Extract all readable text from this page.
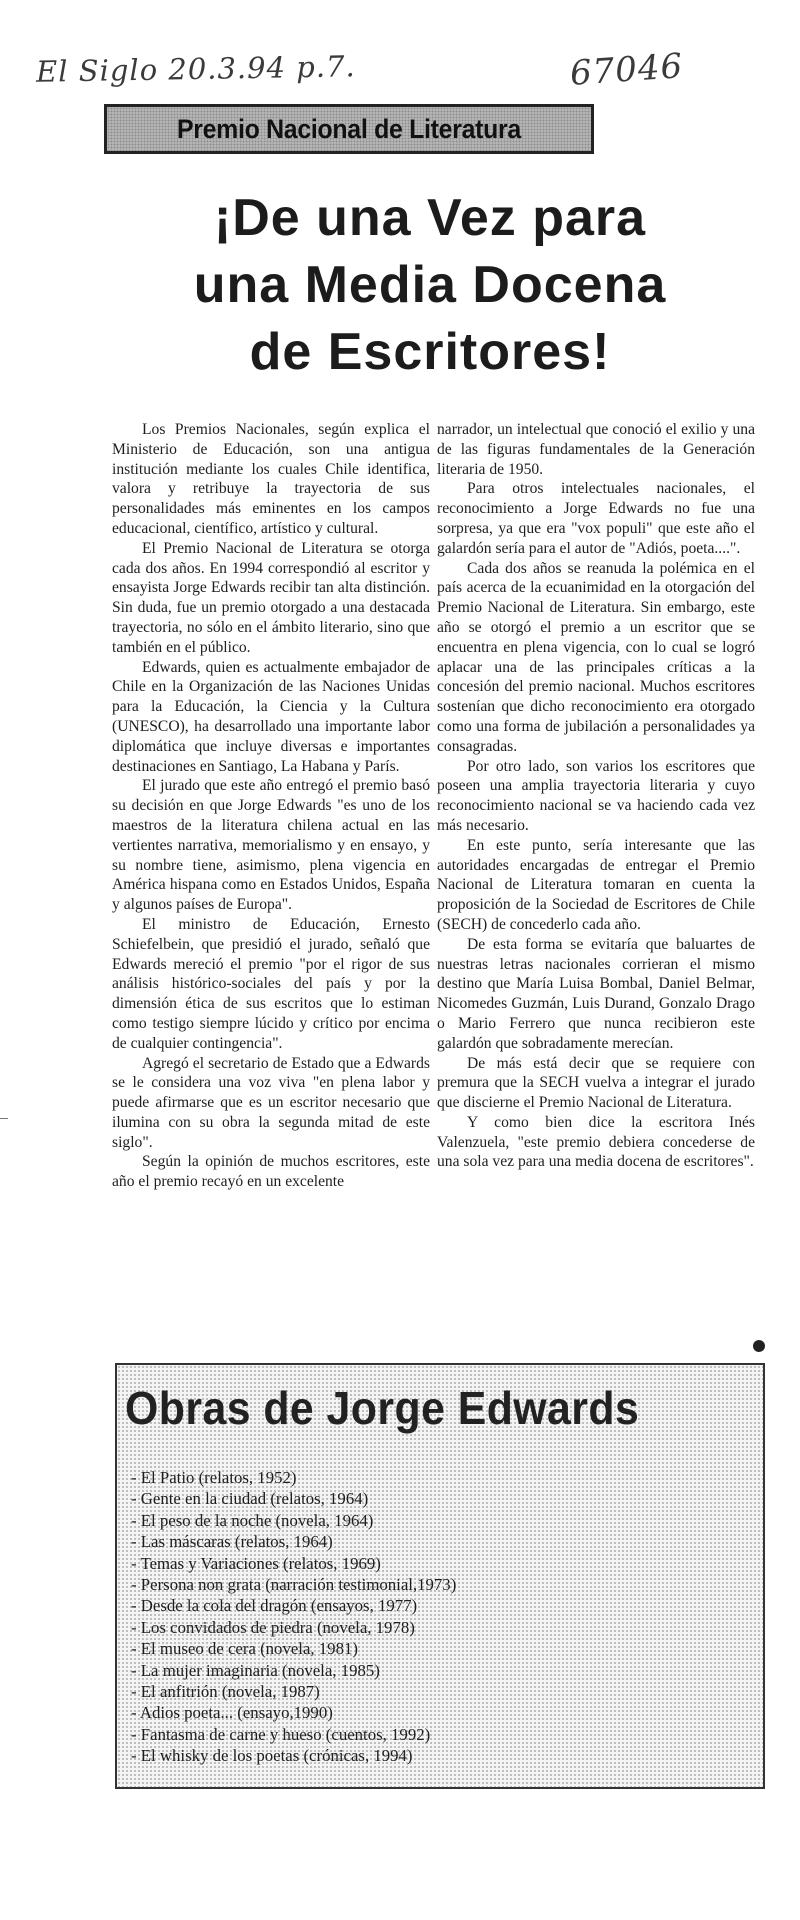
El Siglo 20.3.94 p.7.	67046
Premio Nacional de Literatura
¡De una Vez para
una Media Docena
de Escritores!

Los Premios Nacionales, según explica el Ministerio de Educación, son una antigua institución mediante los cuales Chile identifica, valora y retribuye la trayectoria de sus personalidades más eminentes en los campos educacional, científico, artístico y cultural.

El Premio Nacional de Literatura se otorga cada dos años. En 1994 correspondió al escritor y ensayista Jorge Edwards recibir tan alta distinción. Sin duda, fue un premio otorgado a una destacada trayectoria, no sólo en el ámbito literario, sino que también en el público.

Edwards, quien es actualmente embajador de Chile en la Organización de las Naciones Unidas para la Educación, la Ciencia y la Cultura (UNESCO), ha desarrollado una importante labor diplomática que incluye diversas e importantes destinaciones en Santiago, La Habana y París.

El jurado que este año entregó el premio basó su decisión en que Jorge Edwards "es uno de los maestros de la literatura chilena actual en las vertientes narrativa, memorialismo y en ensayo, y su nombre tiene, asimismo, plena vigencia en América hispana como en Estados Unidos, España y algunos países de Europa".

El ministro de Educación, Ernesto Schiefelbein, que presidió el jurado, señaló que Edwards mereció el premio "por el rigor de sus análisis histórico-sociales del país y por la dimensión ética de sus escritos que lo estiman como testigo siempre lúcido y crítico por encima de cualquier contingencia".

Agregó el secretario de Estado que a Edwards se le considera una voz viva "en plena labor y puede afirmarse que es un escritor necesario que ilumina con su obra la segunda mitad de este siglo".

Según la opinión de muchos escritores, este año el premio recayó en un excelente

narrador, un intelectual que conoció el exilio y una de las figuras fundamentales de la Generación literaria de 1950.

Para otros intelectuales nacionales, el reconocimiento a Jorge Edwards no fue una sorpresa, ya que era "vox populi" que este año el galardón sería para el autor de "Adiós, poeta....".

Cada dos años se reanuda la polémica en el país acerca de la ecuanimidad en la otorgación del Premio Nacional de Literatura. Sin embargo, este año se otorgó el premio a un escritor que se encuentra en plena vigencia, con lo cual se logró aplacar una de las principales críticas a la concesión del premio nacional. Muchos escritores sostenían que dicho reconocimiento era otorgado como una forma de jubilación a personalidades ya consagradas.

Por otro lado, son varios los escritores que poseen una amplia trayectoria literaria y cuyo reconocimiento nacional se va haciendo cada vez más necesario.

En este punto, sería interesante que las autoridades encargadas de entregar el Premio Nacional de Literatura tomaran en cuenta la proposición de la Sociedad de Escritores de Chile (SECH) de concederlo cada año.

De esta forma se evitaría que baluartes de nuestras letras nacionales corrieran el mismo destino que María Luisa Bombal, Daniel Belmar, Nicomedes Guzmán, Luis Durand, Gonzalo Drago o Mario Ferrero que nunca recibieron este galardón que sobradamente merecían.

De más está decir que se requiere con premura que la SECH vuelva a integrar el jurado que discierne el Premio Nacional de Literatura.

Y como bien dice la escritora Inés Valenzuela, "este premio debiera concederse de una sola vez para una media docena de escritores".

Obras de Jorge Edwards
- El Patio (relatos, 1952)
- Gente en la ciudad (relatos, 1964)
- El peso de la noche (novela, 1964)
- Las máscaras (relatos, 1964)
- Temas y Variaciones (relatos, 1969)
- Persona non grata (narración testimonial,1973)
- Desde la cola del dragón (ensayos, 1977)
- Los convidados de piedra (novela, 1978)
- El museo de cera (novela, 1981)
- La mujer imaginaria (novela, 1985)
- El anfitrión (novela, 1987)
- Adios poeta... (ensayo,1990)
- Fantasma de carne y hueso (cuentos, 1992)
- El whisky de los poetas (crónicas, 1994)
